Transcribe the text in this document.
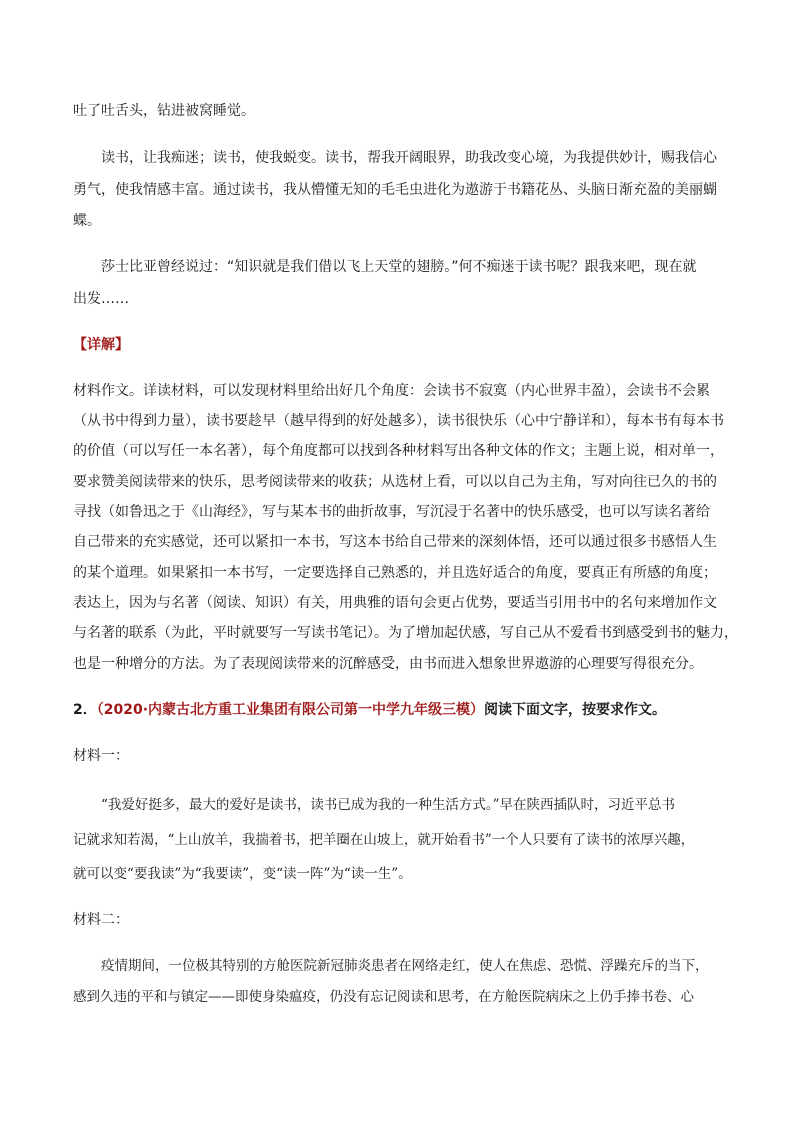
吐了吐舌头，钻进被窝睡觉。
读书，让我痴迷；读书，使我蜕变。读书，帮我开阔眼界，助我改变心境，为我提供妙计，赐我信心
勇气，使我情感丰富。通过读书，我从懵懂无知的毛毛虫进化为遨游于书籍花丛、头脑日渐充盈的美丽蝴
蝶。
莎士比亚曾经说过：“知识就是我们借以飞上天堂的翅膀。”何不痴迷于读书呢？跟我来吧，现在就
出发……
【详解】
材料作文。详读材料，可以发现材料里给出好几个角度：会读书不寂寞（内心世界丰盈），会读书不会累
（从书中得到力量），读书要趁早（越早得到的好处越多），读书很快乐（心中宁静详和），每本书有每本书
的价值（可以写任一本名著），每个角度都可以找到各种材料写出各种文体的作文；主题上说，相对单一，
要求赞美阅读带来的快乐，思考阅读带来的收获；从选材上看，可以以自己为主角，写对向往已久的书的
寻找（如鲁迅之于《山海经》，写与某本书的曲折故事，写沉浸于名著中的快乐感受，也可以写读名著给
自己带来的充实感觉，还可以紧扣一本书，写这本书给自己带来的深刻体悟，还可以通过很多书感悟人生
的某个道理。如果紧扣一本书写，一定要选择自己熟悉的，并且选好适合的角度，要真正有所感的角度；
表达上，因为与名著（阅读、知识）有关，用典雅的语句会更占优势，要适当引用书中的名句来增加作文
与名著的联系（为此，平时就要写一写读书笔记）。为了增加起伏感，写自己从不爱看书到感受到书的魅力，
也是一种增分的方法。为了表现阅读带来的沉醉感受，由书而进入想象世界遨游的心理要写得很充分。
2．（2020·内蒙古北方重工业集团有限公司第一中学九年级三模）阅读下面文字，按要求作文。
材料一：
“我爱好挺多，最大的爱好是读书，读书已成为我的一种生活方式。”早在陕西插队时，习近平总书
记就求知若渴，“上山放羊，我揣着书，把羊圈在山坡上，就开始看书”一个人只要有了读书的浓厚兴趣，
就可以变“要我读”为“我要读”，变“读一阵”为“读一生”。
材料二：
疫情期间，一位极其特别的方舱医院新冠肺炎患者在网络走红，使人在焦虑、恐慌、浮躁充斥的当下，
感到久违的平和与镇定——即使身染瘟疫，仍没有忘记阅读和思考，在方舱医院病床之上仍手捧书卷、心
